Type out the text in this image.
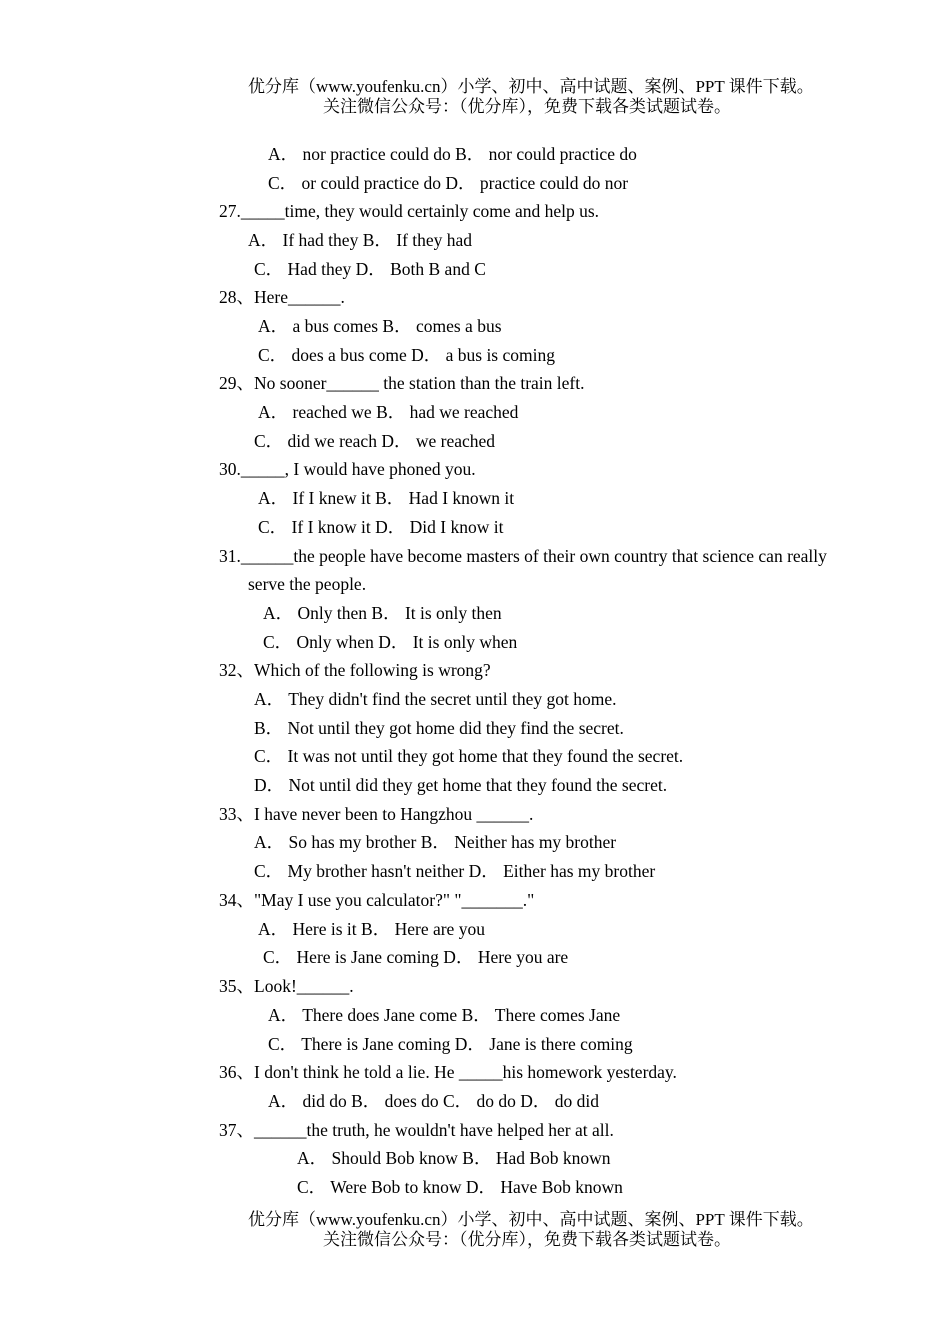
优分库（www.youfenku.cn）小学、初中、高中试题、案例、PPT 课件下载。
关注微信公众号：（优分库），免费下载各类试题试卷。
A． nor practice could do B． nor could practice do
C． or could practice do D． practice could do nor
27._____time, they would certainly come and help us.
A． If had they B． If they had
C． Had they D． Both B and C
28、Here______.
A． a bus comes B． comes a bus
C． does a bus come D． a bus is coming
29、No sooner______ the station than the train left.
A． reached we B． had we reached
C． did we reach D． we reached
30._____, I would have phoned you.
A． If I knew it B． Had I known it
C． If I know it D． Did I know it
31.______the people have become masters of their own country that science can really
serve the people.
A． Only then B． It is only then
C． Only when D． It is only when
32、Which of the following is wrong?
A． They didn't find the secret until they got home.
B． Not until they got home did they find the secret.
C． It was not until they got home that they found the secret.
D． Not until did they get home that they found the secret.
33、I have never been to Hangzhou ______.
A． So has my brother B． Neither has my brother
C． My brother hasn't neither D． Either has my brother
34、"May I use you calculator?" "_______."
A． Here is it B． Here are you
C． Here is Jane coming D． Here you are
35、Look!______.
A． There does Jane come B． There comes Jane
C． There is Jane coming D． Jane is there coming
36、I don't think he told a lie. He _____his homework yesterday.
A． did do B． does do C． do do D． do did
37、______the truth, he wouldn't have helped her at all.
A． Should Bob know B． Had Bob known
C． Were Bob to know D． Have Bob known
优分库（www.youfenku.cn）小学、初中、高中试题、案例、PPT 课件下载。
关注微信公众号：（优分库），免费下载各类试题试卷。
